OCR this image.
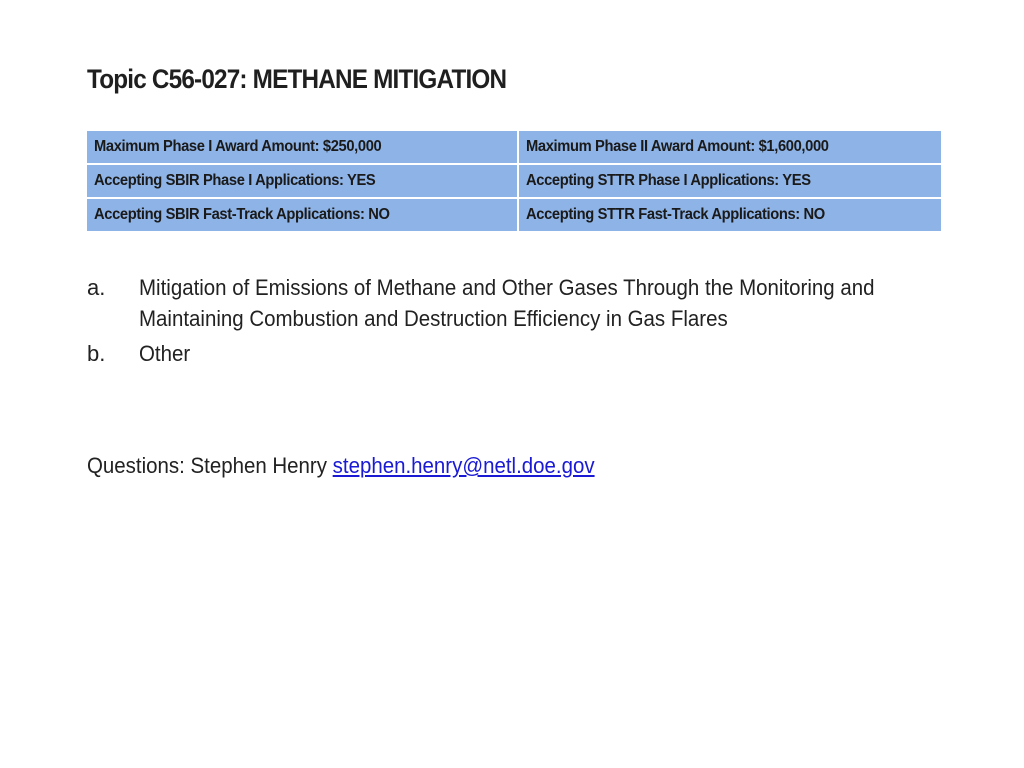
Topic C56-027: METHANE MITIGATION
Maximum Phase I Award Amount: $250,000	Maximum Phase II Award Amount: $1,600,000
Accepting SBIR Phase I Applications: YES	Accepting STTR Phase I Applications: YES
Accepting SBIR Fast-Track Applications: NO	Accepting STTR Fast-Track Applications: NO
a.	Mitigation of Emissions of Methane and Other Gases Through the Monitoring and Maintaining Combustion and Destruction Efficiency in Gas Flares
b.	Other
Questions: Stephen Henry stephen.henry@netl.doe.gov
